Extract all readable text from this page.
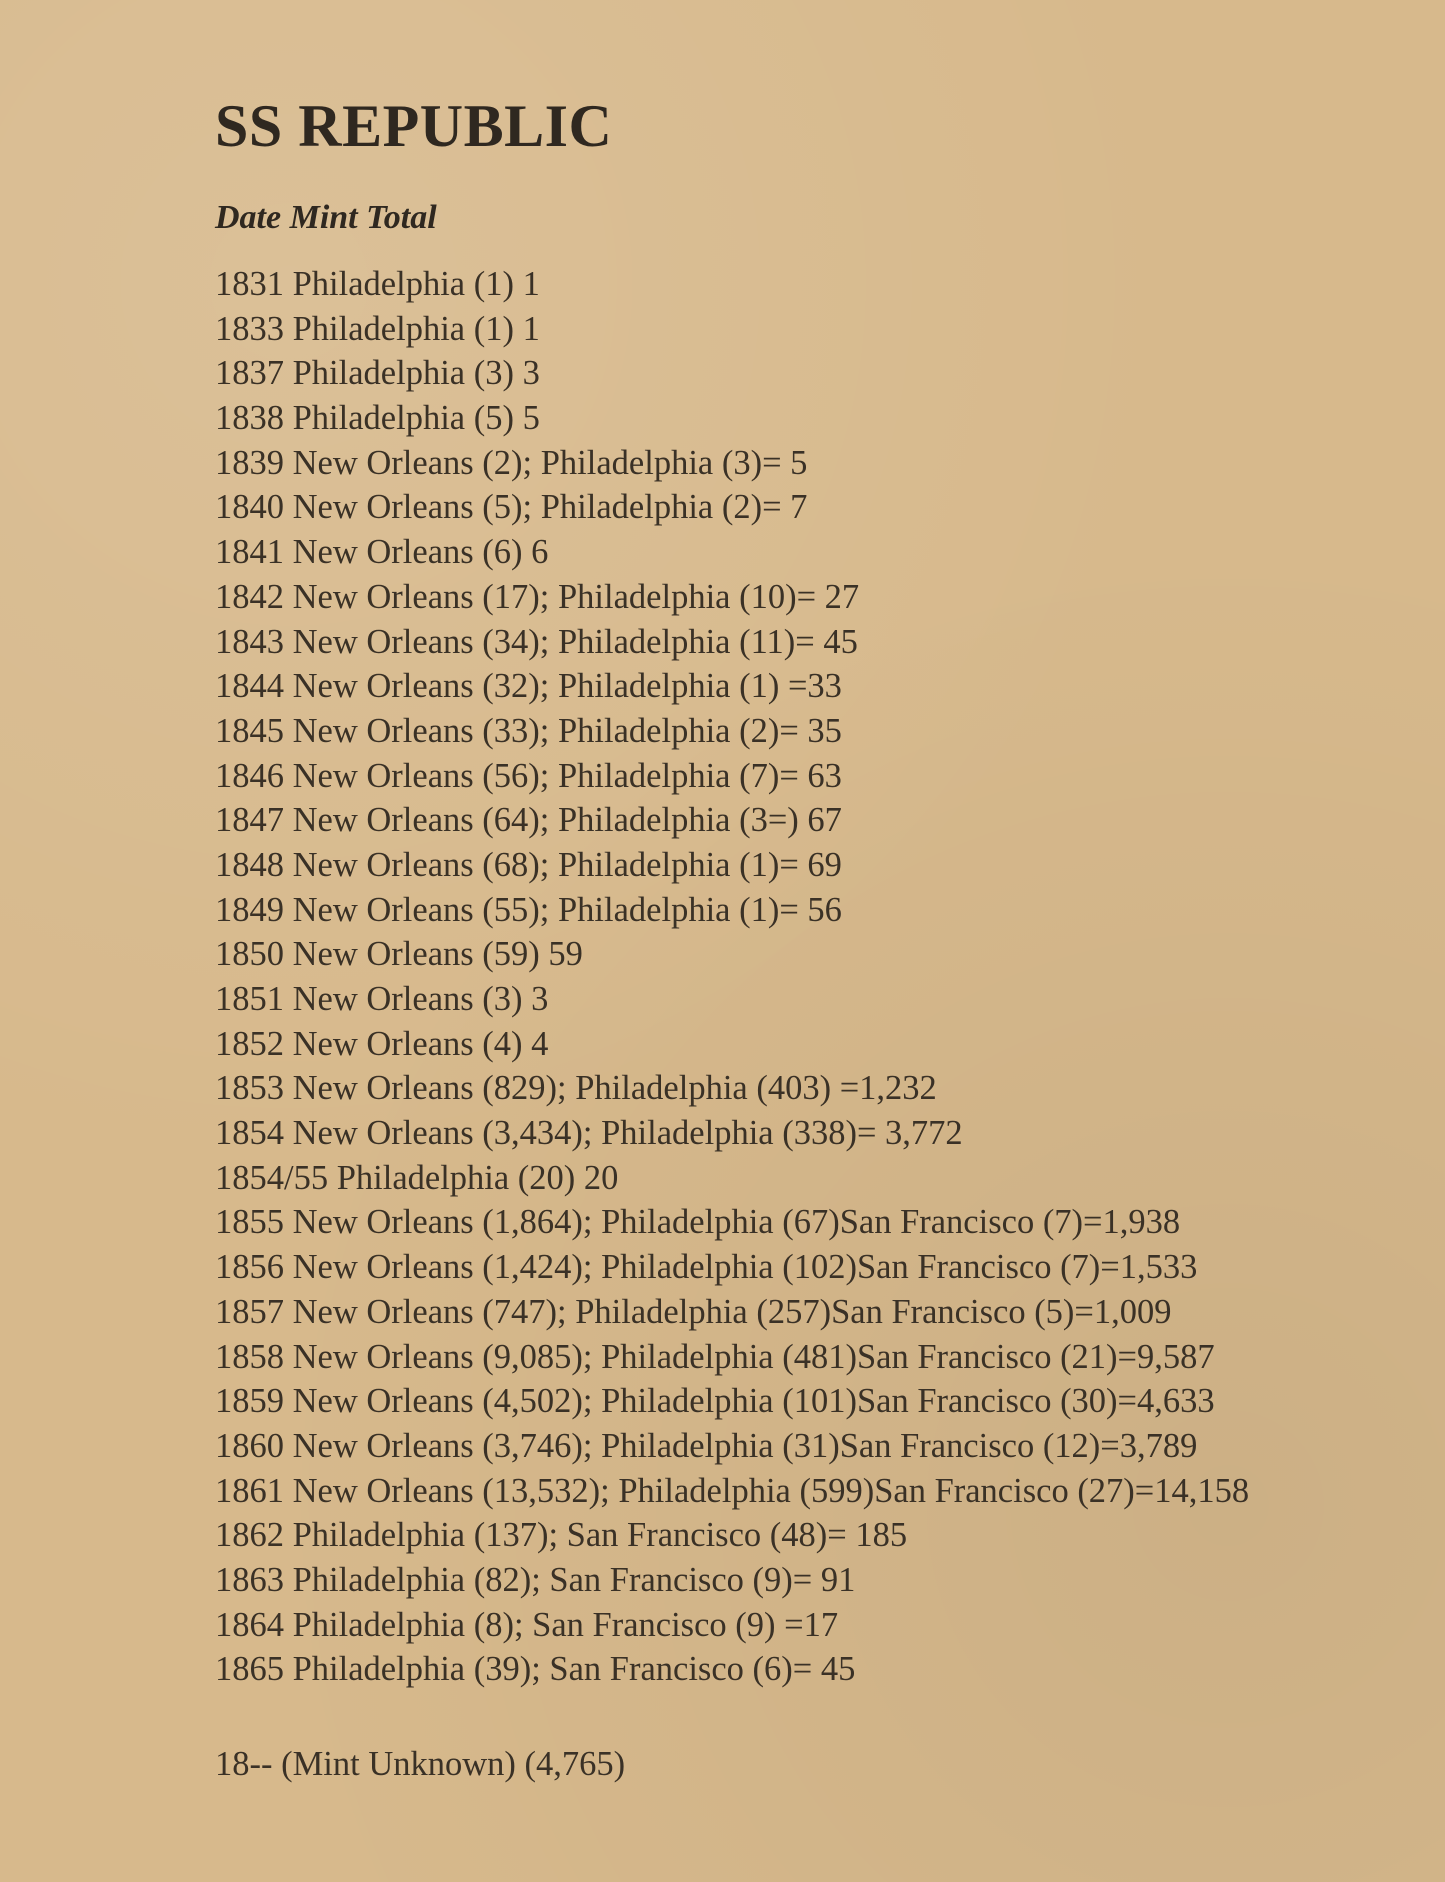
SS REPUBLIC
Date Mint Total
1831 Philadelphia (1) 1
1833 Philadelphia (1) 1
1837 Philadelphia (3) 3
1838 Philadelphia (5) 5
1839 New Orleans (2); Philadelphia (3)= 5
1840 New Orleans (5); Philadelphia (2)= 7
1841 New Orleans (6) 6
1842 New Orleans (17); Philadelphia (10)= 27
1843 New Orleans (34); Philadelphia (11)= 45
1844 New Orleans (32); Philadelphia (1) =33
1845 New Orleans (33); Philadelphia (2)= 35
1846 New Orleans (56); Philadelphia (7)= 63
1847 New Orleans (64); Philadelphia (3=) 67
1848 New Orleans (68); Philadelphia (1)= 69
1849 New Orleans (55); Philadelphia (1)= 56
1850 New Orleans (59) 59
1851 New Orleans (3) 3
1852 New Orleans (4) 4
1853 New Orleans (829); Philadelphia (403) =1,232
1854 New Orleans (3,434); Philadelphia (338)= 3,772
1854/55 Philadelphia (20) 20
1855 New Orleans (1,864); Philadelphia (67)San Francisco (7)=1,938
1856 New Orleans (1,424); Philadelphia (102)San Francisco (7)=1,533
1857 New Orleans (747); Philadelphia (257)San Francisco (5)=1,009
1858 New Orleans (9,085); Philadelphia (481)San Francisco (21)=9,587
1859 New Orleans (4,502); Philadelphia (101)San Francisco (30)=4,633
1860 New Orleans (3,746); Philadelphia (31)San Francisco (12)=3,789
1861 New Orleans (13,532); Philadelphia (599)San Francisco (27)=14,158
1862 Philadelphia (137); San Francisco (48)= 185
1863 Philadelphia (82); San Francisco (9)= 91
1864 Philadelphia (8); San Francisco (9) =17
1865 Philadelphia (39); San Francisco (6)= 45
18-- (Mint Unknown) (4,765)
